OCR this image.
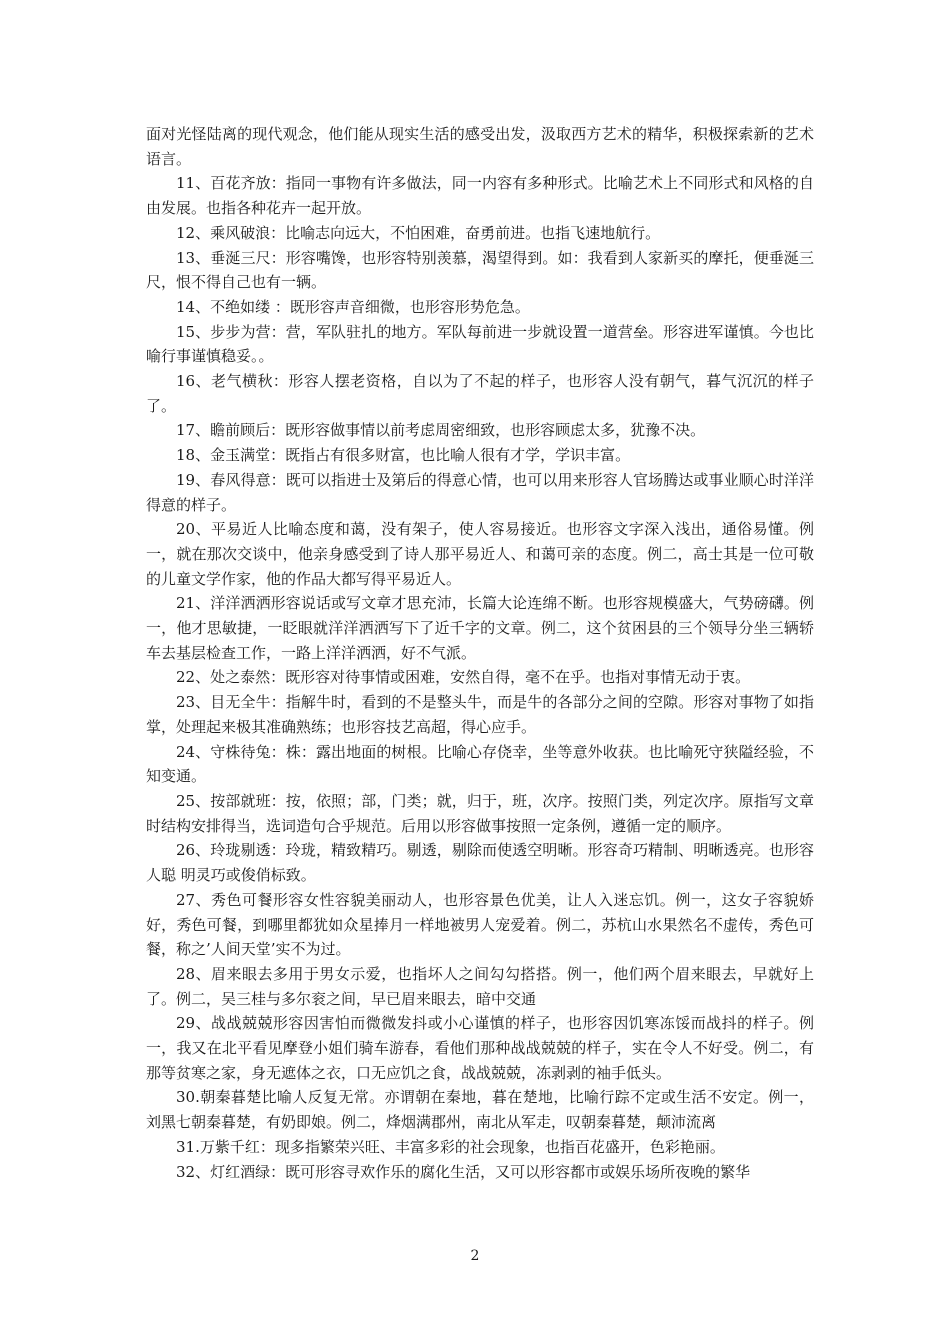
面对光怪陆离的现代观念，他们能从现实生活的感受出发，汲取西方艺术的精华，积极探索新的艺术语言。

11、百花齐放：指同一事物有许多做法，同一内容有多种形式。比喻艺术上不同形式和风格的自由发展。也指各种花卉一起开放。

12、乘风破浪：比喻志向远大，不怕困难，奋勇前进。也指飞速地航行。

13、垂涎三尺：形容嘴馋，也形容特别羡慕，渴望得到。如：我看到人家新买的摩托，便垂涎三尺，恨不得自己也有一辆。

14、不绝如缕 ：既形容声音细微，也形容形势危急。

15、步步为营：营，军队驻扎的地方。军队每前进一步就设置一道营垒。形容进军谨慎。今也比喻行事谨慎稳妥。。

16、老气横秋：形容人摆老资格，自以为了不起的样子，也形容人没有朝气，暮气沉沉的样子了。

17、瞻前顾后：既形容做事情以前考虑周密细致，也形容顾虑太多，犹豫不决。

18、金玉满堂：既指占有很多财富，也比喻人很有才学，学识丰富。

19、春风得意：既可以指进士及第后的得意心情，也可以用来形容人官场腾达或事业顺心时洋洋得意的样子。

20、平易近人比喻态度和蔼，没有架子，使人容易接近。也形容文字深入浅出，通俗易懂。例一，就在那次交谈中，他亲身感受到了诗人那平易近人、和蔼可亲的态度。例二，高士其是一位可敬的儿童文学作家，他的作品大都写得平易近人。

21、洋洋洒洒形容说话或写文章才思充沛，长篇大论连绵不断。也形容规模盛大，气势磅礴。例一，他才思敏捷，一眨眼就洋洋洒洒写下了近千字的文章。例二，这个贫困县的三个领导分坐三辆轿车去基层检查工作，一路上洋洋洒洒，好不气派。

22、处之泰然：既形容对待事情或困难，安然自得，毫不在乎。也指对事情无动于衷。

23、目无全牛：指解牛时，看到的不是整头牛，而是牛的各部分之间的空隙。形容对事物了如指掌，处理起来极其准确熟练；也形容技艺高超，得心应手。

24、守株待兔：株：露出地面的树根。比喻心存侥幸，坐等意外收获。也比喻死守狭隘经验，不知变通。

25、按部就班：按，依照；部，门类；就，归于，班，次序。按照门类，列定次序。原指写文章时结构安排得当，选词造句合乎规范。后用以形容做事按照一定条例，遵循一定的顺序。

26、玲珑剔透：玲珑，精致精巧。剔透，剔除而使透空明晰。形容奇巧精制、明晰透亮。也形容人聪 明灵巧或俊俏标致。

27、秀色可餐形容女性容貌美丽动人，也形容景色优美，让人入迷忘饥。例一，这女子容貌娇好，秀色可餐，到哪里都犹如众星捧月一样地被男人宠爱着。例二，苏杭山水果然名不虚传，秀色可餐，称之’人间天堂’实不为过。

28、眉来眼去多用于男女示爱，也指坏人之间勾勾搭搭。例一，他们两个眉来眼去，早就好上了。例二，吴三桂与多尔衮之间，早已眉来眼去，暗中交通

29、战战兢兢形容因害怕而微微发抖或小心谨慎的样子，也形容因饥寒冻馁而战抖的样子。例一，我又在北平看见摩登小姐们骑车游春，看他们那种战战兢兢的样子，实在令人不好受。例二，有那等贫寒之家，身无遮体之衣，口无应饥之食，战战兢兢，冻剥剥的袖手低头。

30.朝秦暮楚比喻人反复无常。亦谓朝在秦地，暮在楚地，比喻行踪不定或生活不安定。例一，刘黑七朝秦暮楚，有奶即娘。例二，烽烟满郡州，南北从军走，叹朝秦暮楚，颠沛流离

31.万紫千红：现多指繁荣兴旺、丰富多彩的社会现象，也指百花盛开，色彩艳丽。

32、灯红酒绿：既可形容寻欢作乐的腐化生活，又可以形容都市或娱乐场所夜晚的繁华

2
